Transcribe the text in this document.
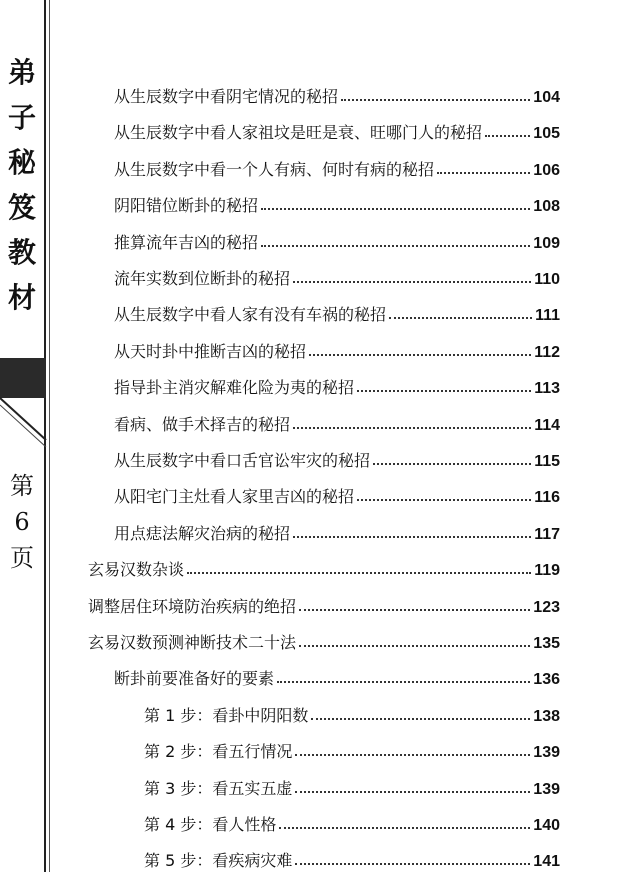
弟
子
秘
笈
教
材
第
6
页
从生辰数字中看阴宅情况的秘招	104
从生辰数字中看人家祖坟是旺是衰、旺哪门人的秘招	105
从生辰数字中看一个人有病、何时有病的秘招	106
阴阳错位断卦的秘招	108
推算流年吉凶的秘招	109
流年实数到位断卦的秘招	110
从生辰数字中看人家有没有车祸的秘招	111
从天时卦中推断吉凶的秘招	112
指导卦主消灾解难化险为夷的秘招	113
看病、做手术择吉的秘招	114
从生辰数字中看口舌官讼牢灾的秘招	115
从阳宅门主灶看人家里吉凶的秘招	116
用点痣法解灾治病的秘招	117
玄易汉数杂谈	119
调整居住环境防治疾病的绝招	123
玄易汉数预测神断技术二十法	135
断卦前要准备好的要素	136
第 1 步：看卦中阴阳数	138
第 2 步：看五行情况	139
第 3 步：看五实五虚	139
第 4 步：看人性格	140
第 5 步：看疾病灾难	141
